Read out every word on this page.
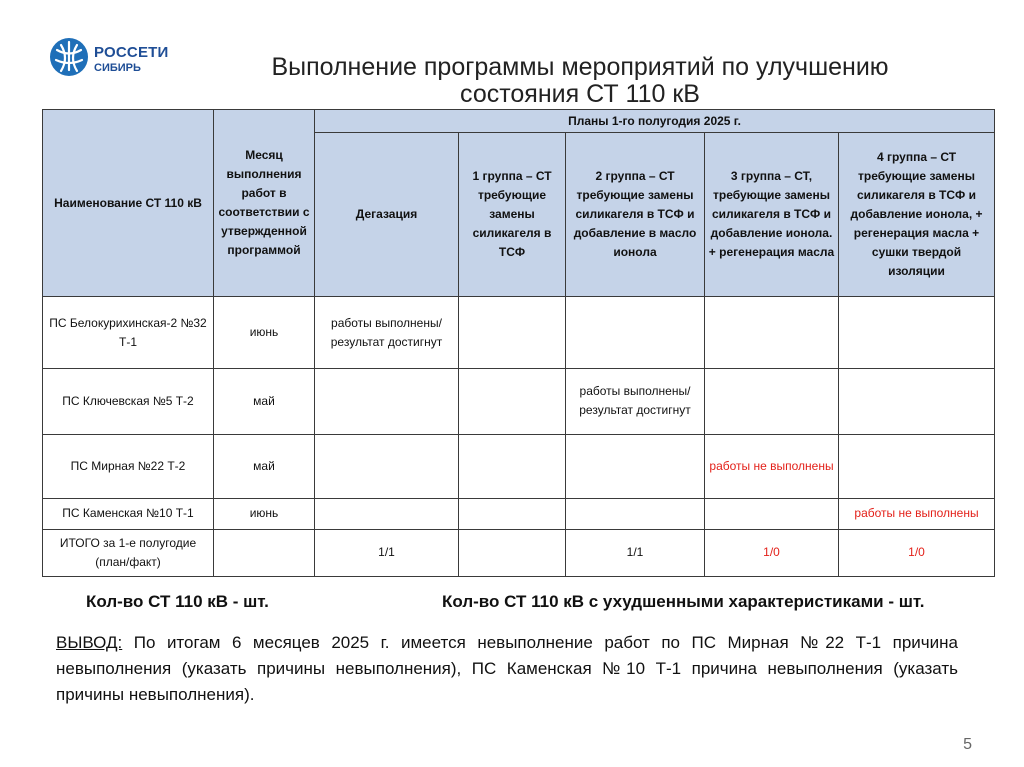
РОССЕТИ
СИБИРЬ	Выполнение программы мероприятий по улучшению
состояния СТ 110 кВ
Наименование СТ 110 кВ	Месяц выполнения работ в соответствии с утвержденной программой	Планы 1-го полугодия 2025 г.				
		Дегазация	1 группа – СТ требующие замены силикагеля в ТСФ	2 группа – СТ требующие замены силикагеля в ТСФ и добавление в масло ионола	3 группа – СТ, требующие замены силикагеля в ТСФ и добавление ионола. + регенерация масла	4 группа – СТ требующие замены силикагеля в ТСФ и добавление ионола, + регенерация масла + сушки твердой изоляции
ПС Белокурихинская-2 №32 Т-1	июнь	работы выполнены/результат достигнут				
ПС Ключевская №5 Т-2	май			работы выполнены/результат достигнут		
ПС Мирная №22 Т-2	май				работы не выполнены	
ПС Каменская №10 Т-1	июнь					работы не выполнены
ИТОГО за 1-е полугодие (план/факт)		1/1		1/1	1/0	1/0
Кол-во СТ 110 кВ - шт.	Кол-во СТ 110 кВ с ухудшенными характеристиками - шт.
ВЫВОД: По итогам 6 месяцев 2025 г. имеется невыполнение работ по ПС Мирная №22 Т-1 причина невыполнения (указать причины невыполнения), ПС Каменская №10 Т-1 причина невыполнения (указать причины невыполнения).
5
